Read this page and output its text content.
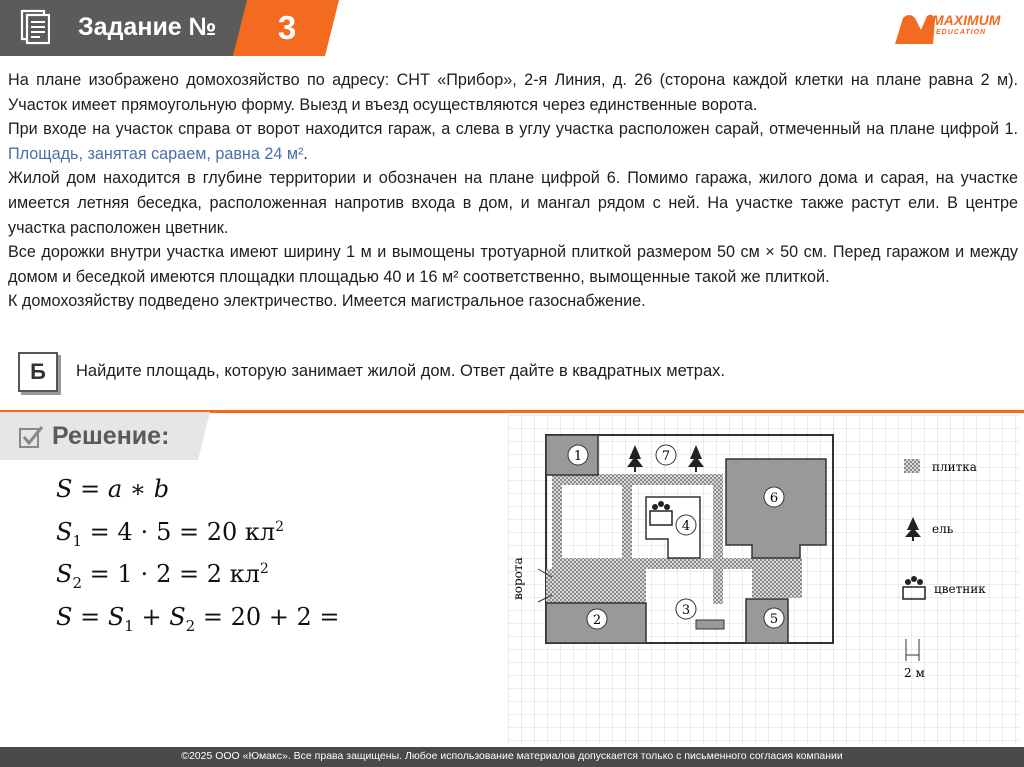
Задание №	3	MAXIMUM
EDUCATION

На плане изображено домохозяйство по адресу: СНТ «Прибор», 2-я Линия, д. 26 (сторона каждой клетки на плане равна 2 м). Участок имеет прямоугольную форму. Выезд и въезд осуществляются через единственные ворота.

При входе на участок справа от ворот находится гараж, а слева в углу участка расположен сарай, отмеченный на плане цифрой 1. Площадь, занятая сараем, равна 24 м².

Жилой дом находится в глубине территории и обозначен на плане цифрой 6. Помимо гаража, жилого дома и сарая, на участке имеется летняя беседка, расположенная напротив входа в дом, и мангал рядом с ней. На участке также растут ели. В центре участка расположен цветник.

Все дорожки внутри участка имеют ширину 1 м и вымощены тротуарной плиткой размером 50 см × 50 см. Перед гаражом и между домом и беседкой имеются площадки площадью 40 и 16 м² соответственно, вымощенные такой же плиткой.

К домохозяйству подведено электричество. Имеется магистральное газоснабжение.

Б	Найдите площадь, которую занимает жилой дом. Ответ дайте в квадратных метрах.
Решение:
S = a ∗ b
$S_1 = 4 \cdot 5 = 20$ $кл^2$
$S_2 = 1 \cdot 2 = 2$ $кл^2$
$S = S_1 + S_2 = 20 + 2$ =
1	7
6
4
2
3
5
ворота
плитка
ель
цветник
2 м
©2025 ООО «Юмакс». Все права защищены. Любое использование материалов допускается только с письменного согласия компании
